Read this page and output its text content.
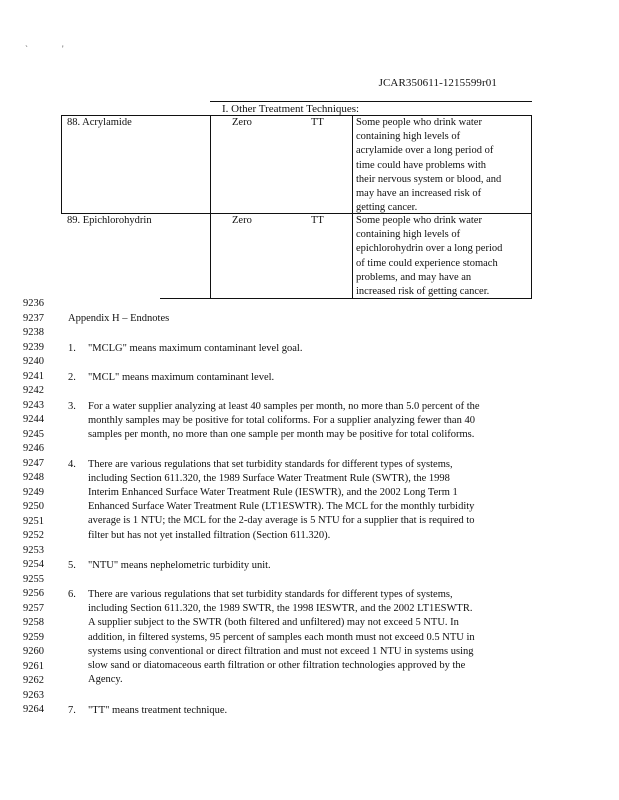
`	'
JCAR350611-1215599r01
I. Other Treatment Techniques:
88. Acrylamide	Zero	TT	Some people who drink water
containing high levels of
acrylamide over a long period of
time could have problems with
their nervous system or blood, and
may have an increased risk of
getting cancer.
89. Epichlorohydrin	Zero	TT	Some people who drink water
containing high levels of
epichlorohydrin over a long period
of time could experience stomach
problems, and may have an
increased risk of getting cancer.
9236
9237
9238
9239
9240
9241
9242
9243
9244
9245
9246
9247
9248
9249
9250
9251
9252
9253
9254
9255
9256
9257
9258
9259
9260
9261
9262
9263
9264
Appendix H – Endnotes
1. "MCLG" means maximum contaminant level goal.
2. "MCL" means maximum contaminant level.
3. For a water supplier analyzing at least 40 samples per month, no more than 5.0 percent of the
monthly samples may be positive for total coliforms. For a supplier analyzing fewer than 40
samples per month, no more than one sample per month may be positive for total coliforms.
4. There are various regulations that set turbidity standards for different types of systems,
including Section 611.320, the 1989 Surface Water Treatment Rule (SWTR), the 1998
Interim Enhanced Surface Water Treatment Rule (IESWTR), and the 2002 Long Term 1
Enhanced Surface Water Treatment Rule (LT1ESWTR). The MCL for the monthly turbidity
average is 1 NTU; the MCL for the 2-day average is 5 NTU for a supplier that is required to
filter but has not yet installed filtration (Section 611.320).
5. "NTU" means nephelometric turbidity unit.
6. There are various regulations that set turbidity standards for different types of systems,
including Section 611.320, the 1989 SWTR, the 1998 IESWTR, and the 2002 LT1ESWTR.
A supplier subject to the SWTR (both filtered and unfiltered) may not exceed 5 NTU. In
addition, in filtered systems, 95 percent of samples each month must not exceed 0.5 NTU in
systems using conventional or direct filtration and must not exceed 1 NTU in systems using
slow sand or diatomaceous earth filtration or other filtration technologies approved by the
Agency.
7. "TT" means treatment technique.
